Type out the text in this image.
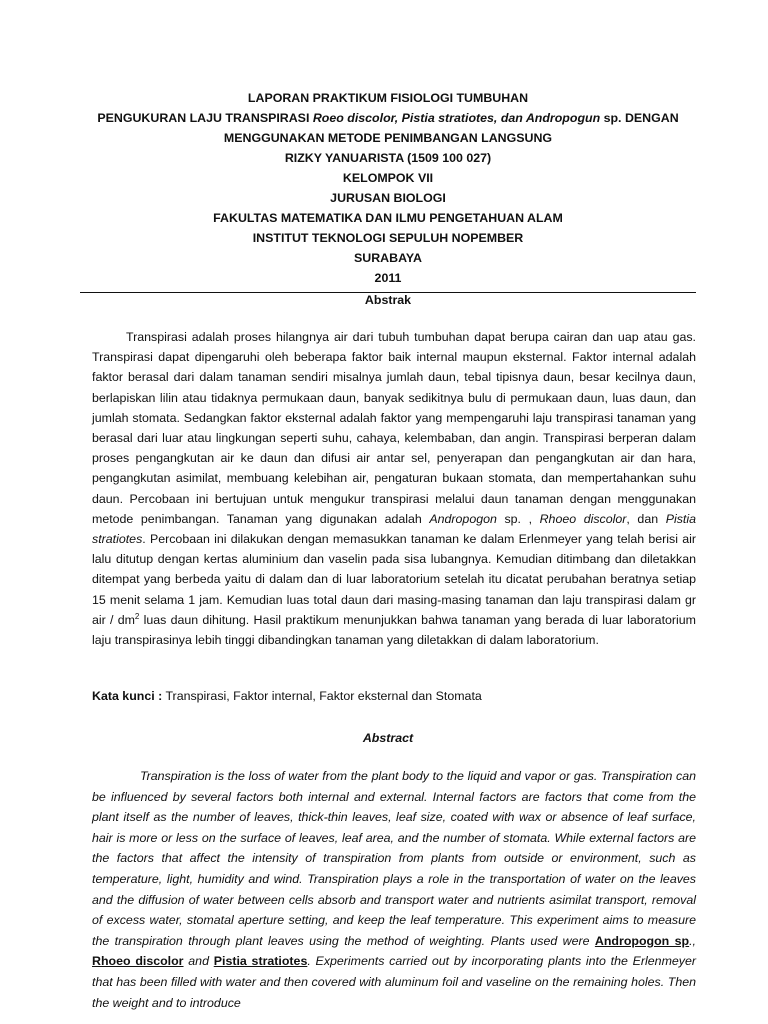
LAPORAN PRAKTIKUM FISIOLOGI TUMBUHAN
PENGUKURAN LAJU TRANSPIRASI Roeo discolor, Pistia stratiotes, dan Andropogun sp. DENGAN
MENGGUNAKAN METODE PENIMBANGAN LANGSUNG
RIZKY YANUARISTA (1509 100 027)
KELOMPOK VII
JURUSAN BIOLOGI
FAKULTAS MATEMATIKA DAN ILMU PENGETAHUAN ALAM
INSTITUT TEKNOLOGI SEPULUH NOPEMBER
SURABAYA
2011
Abstrak

Transpirasi adalah proses hilangnya air dari tubuh tumbuhan dapat berupa cairan dan uap atau gas. Transpirasi dapat dipengaruhi oleh beberapa faktor baik internal maupun eksternal. Faktor internal adalah faktor berasal dari dalam tanaman sendiri misalnya jumlah daun, tebal tipisnya daun, besar kecilnya daun, berlapiskan lilin atau tidaknya permukaan daun, banyak sedikitnya bulu di permukaan daun, luas daun, dan jumlah stomata. Sedangkan faktor eksternal adalah faktor yang mempengaruhi laju transpirasi tanaman yang berasal dari luar atau lingkungan seperti suhu, cahaya, kelembaban, dan angin. Transpirasi berperan dalam proses pengangkutan air ke daun dan difusi air antar sel, penyerapan dan pengangkutan air dan hara, pengangkutan asimilat, membuang kelebihan air, pengaturan bukaan stomata, dan mempertahankan suhu daun. Percobaan ini bertujuan untuk mengukur transpirasi melalui daun tanaman dengan menggunakan metode penimbangan. Tanaman yang digunakan adalah Andropogon sp. , Rhoeo discolor, dan Pistia stratiotes. Percobaan ini dilakukan dengan memasukkan tanaman ke dalam Erlenmeyer yang telah berisi air lalu ditutup dengan kertas aluminium dan vaselin pada sisa lubangnya. Kemudian ditimbang dan diletakkan ditempat yang berbeda yaitu di dalam dan di luar laboratorium setelah itu dicatat perubahan beratnya setiap 15 menit selama 1 jam. Kemudian luas total daun dari masing-masing tanaman dan laju transpirasi dalam gr air / $dm^2$ luas daun dihitung. Hasil praktikum menunjukkan bahwa tanaman yang berada di luar laboratorium laju transpirasinya lebih tinggi dibandingkan tanaman yang diletakkan di dalam laboratorium.

Kata kunci : Transpirasi, Faktor internal, Faktor eksternal dan Stomata
Abstract

Transpiration is the loss of water from the plant body to the liquid and vapor or gas. Transpiration can be influenced by several factors both internal and external. Internal factors are factors that come from the plant itself as the number of leaves, thick-thin leaves, leaf size, coated with wax or absence of leaf surface, hair is more or less on the surface of leaves, leaf area, and the number of stomata. While external factors are the factors that affect the intensity of transpiration from plants from outside or environment, such as temperature, light, humidity and wind. Transpiration plays a role in the transportation of water on the leaves and the diffusion of water between cells absorb and transport water and nutrients asimilat transport, removal of excess water, stomatal aperture setting, and keep the leaf temperature. This experiment aims to measure the transpiration through plant leaves using the method of weighting. Plants used were Andropogon sp., Rhoeo discolor and Pistia stratiotes. Experiments carried out by incorporating plants into the Erlenmeyer that has been filled with water and then covered with aluminum foil and vaseline on the remaining holes. Then the weight and to introduce
